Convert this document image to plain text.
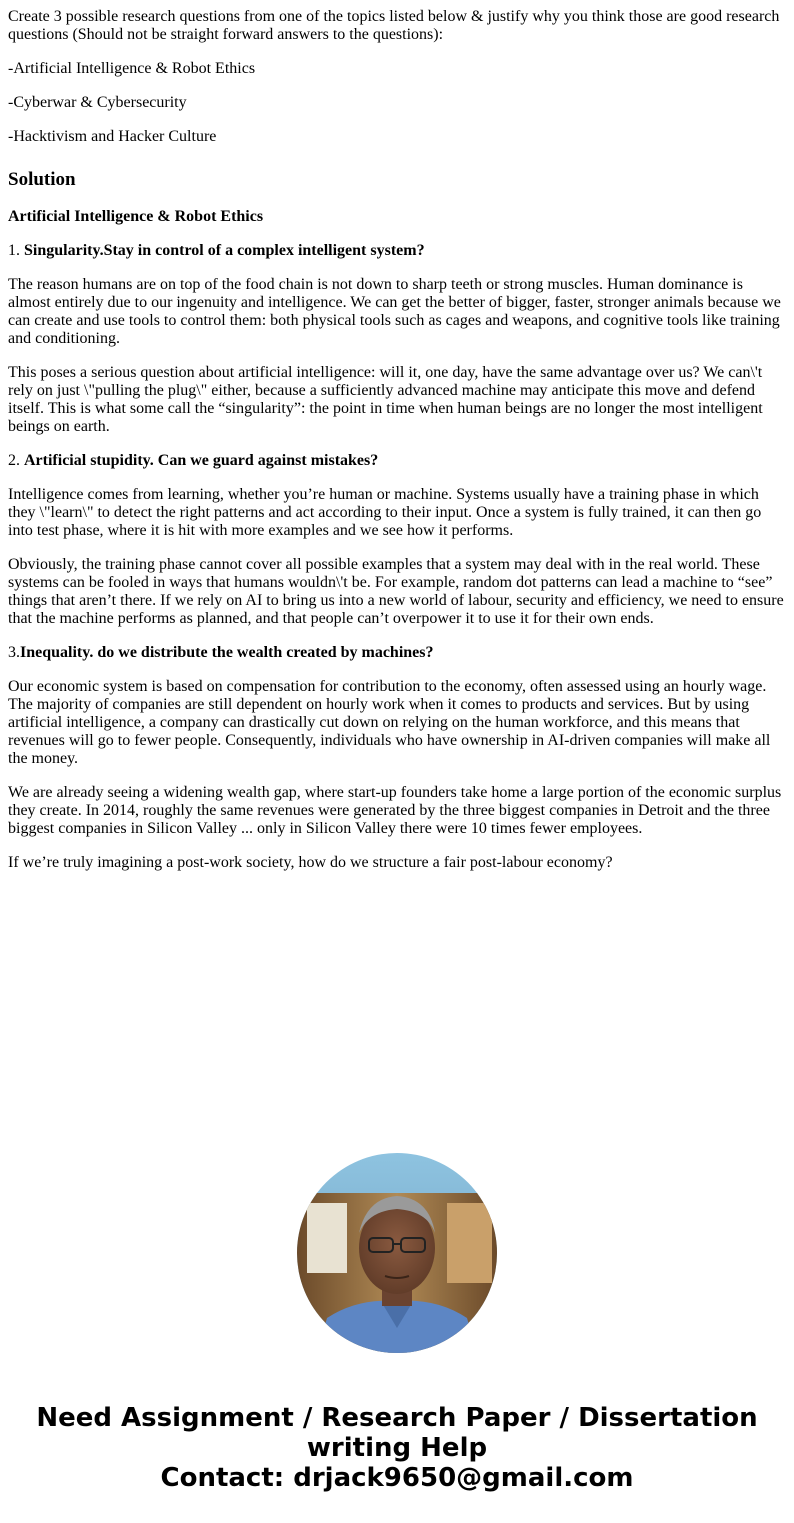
Create 3 possible research questions from one of the topics listed below & justify why you think those are good research questions (Should not be straight forward answers to the questions):

-Artificial Intelligence & Robot Ethics

-Cyberwar & Cybersecurity

-Hacktivism and Hacker Culture

Solution

Artificial Intelligence & Robot Ethics

1. Singularity.Stay in control of a complex intelligent system?

The reason humans are on top of the food chain is not down to sharp teeth or strong muscles. Human dominance is almost entirely due to our ingenuity and intelligence. We can get the better of bigger, faster, stronger animals because we can create and use tools to control them: both physical tools such as cages and weapons, and cognitive tools like training and conditioning.

This poses a serious question about artificial intelligence: will it, one day, have the same advantage over us? We can\'t rely on just \"pulling the plug\" either, because a sufficiently advanced machine may anticipate this move and defend itself. This is what some call the “singularity”: the point in time when human beings are no longer the most intelligent beings on earth.

2. Artificial stupidity. Can we guard against mistakes?

Intelligence comes from learning, whether you’re human or machine. Systems usually have a training phase in which they \"learn\" to detect the right patterns and act according to their input. Once a system is fully trained, it can then go into test phase, where it is hit with more examples and we see how it performs.

Obviously, the training phase cannot cover all possible examples that a system may deal with in the real world. These systems can be fooled in ways that humans wouldn\'t be. For example, random dot patterns can lead a machine to “see” things that aren’t there. If we rely on AI to bring us into a new world of labour, security and efficiency, we need to ensure that the machine performs as planned, and that people can’t overpower it to use it for their own ends.

3.Inequality. do we distribute the wealth created by machines?

Our economic system is based on compensation for contribution to the economy, often assessed using an hourly wage. The majority of companies are still dependent on hourly work when it comes to products and services. But by using artificial intelligence, a company can drastically cut down on relying on the human workforce, and this means that revenues will go to fewer people. Consequently, individuals who have ownership in AI-driven companies will make all the money.

We are already seeing a widening wealth gap, where start-up founders take home a large portion of the economic surplus they create. In 2014, roughly the same revenues were generated by the three biggest companies in Detroit and the three biggest companies in Silicon Valley ... only in Silicon Valley there were 10 times fewer employees.

If we’re truly imagining a post-work society, how do we structure a fair post-labour economy?

Need Assignment / Research Paper / Dissertation
writing Help
Contact: drjack9650@gmail.com
